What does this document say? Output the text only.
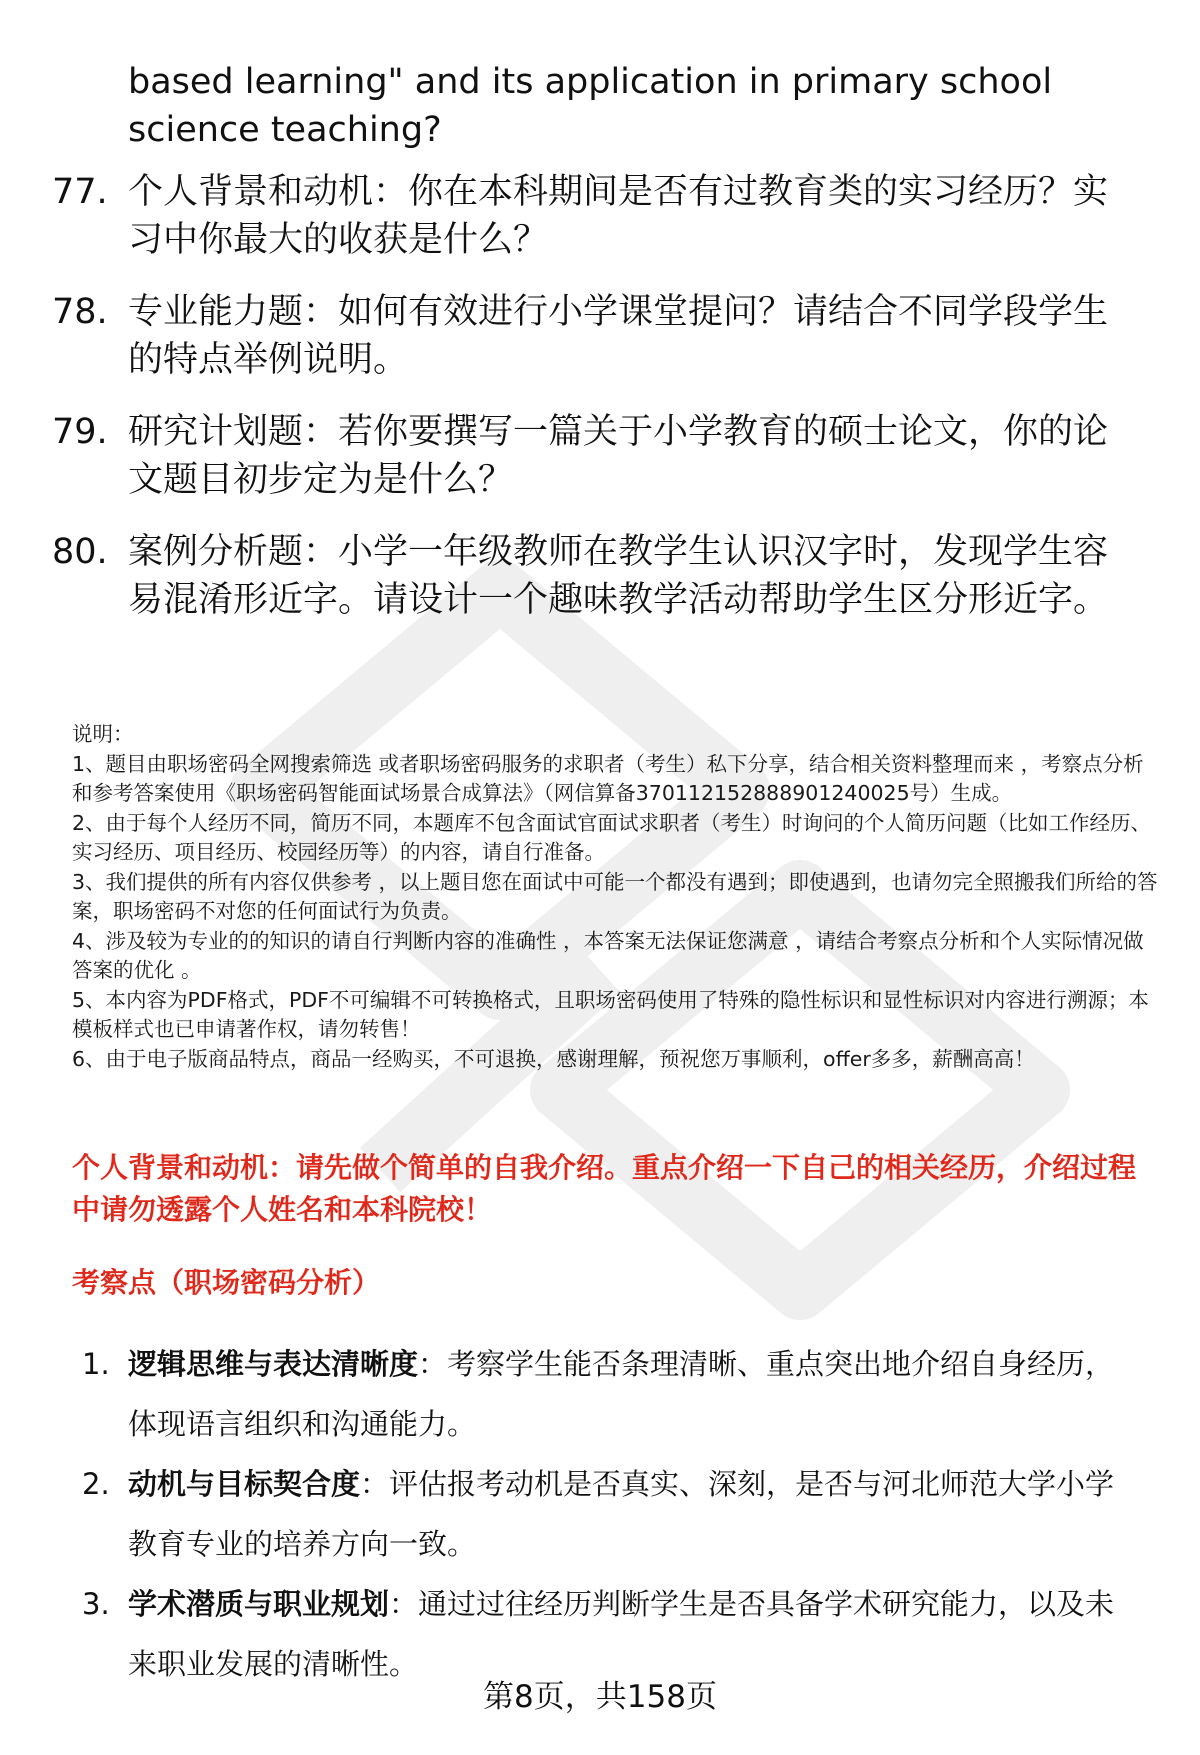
based learning" and its application in primary school science teaching?
77. 个人背景和动机：你在本科期间是否有过教育类的实习经历？实习中你最大的收获是什么？
78. 专业能力题：如何有效进行小学课堂提问？请结合不同学段学生的特点举例说明。
79. 研究计划题：若你要撰写一篇关于小学教育的硕士论文，你的论文题目初步定为是什么？
80. 案例分析题：小学一年级教师在教学生认识汉字时，发现学生容易混淆形近字。请设计一个趣味教学活动帮助学生区分形近字。

说明：

1、题目由职场密码全网搜索筛选 或者职场密码服务的求职者（考生）私下分享，结合相关资料整理而来 ，考察点分析和参考答案使用《职场密码智能面试场景合成算法》（网信算备370112152888901240025号）生成。

2、由于每个人经历不同，简历不同，本题库不包含面试官面试求职者（考生）时询问的个人简历问题（比如工作经历、实习经历、项目经历、校园经历等）的内容，请自行准备。

3、我们提供的所有内容仅供参考 ，以上题目您在面试中可能一个都没有遇到；即使遇到，也请勿完全照搬我们所给的答案，职场密码不对您的任何面试行为负责。

4、涉及较为专业的的知识的请自行判断内容的准确性 ，本答案无法保证您满意 ，请结合考察点分析和个人实际情况做答案的优化 。

5、本内容为PDF格式，PDF不可编辑不可转换格式，且职场密码使用了特殊的隐性标识和显性标识对内容进行溯源；本模板样式也已申请著作权，请勿转售！

6、由于电子版商品特点，商品一经购买，不可退换，感谢理解，预祝您万事顺利，offer多多，薪酬高高！

个人背景和动机：请先做个简单的自我介绍。重点介绍一下自己的相关经历，介绍过程中请勿透露个人姓名和本科院校！
考察点（职场密码分析）
1. 逻辑思维与表达清晰度：考察学生能否条理清晰、重点突出地介绍自身经历，体现语言组织和沟通能力。
2. 动机与目标契合度：评估报考动机是否真实、深刻，是否与河北师范大学小学教育专业的培养方向一致。
3. 学术潜质与职业规划：通过过往经历判断学生是否具备学术研究能力，以及未来职业发展的清晰性。
第8页，共158页
